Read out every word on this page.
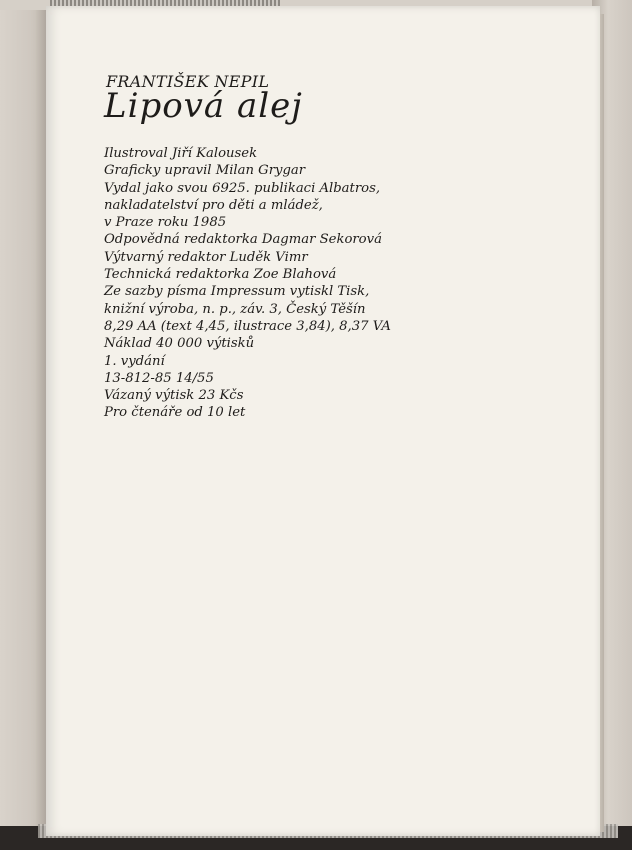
FRANTIŠEK NEPIL
Lipová alej
Ilustroval Jiří Kalousek
Graficky upravil Milan Grygar
Vydal jako svou 6925. publikaci Albatros,
nakladatelství pro děti a mládež,
v Praze roku 1985
Odpovědná redaktorka Dagmar Sekorová
Výtvarný redaktor Luděk Vimr
Technická redaktorka Zoe Blahová
Ze sazby písma Impressum vytiskl Tisk,
knižní výroba, n. p., záv. 3, Český Těšín
8,29 AA (text 4,45, ilustrace 3,84), 8,37 VA
Náklad 40 000 výtisků
1. vydání
13-812-85 14/55
Vázaný výtisk 23 Kčs
Pro čtenáře od 10 let
